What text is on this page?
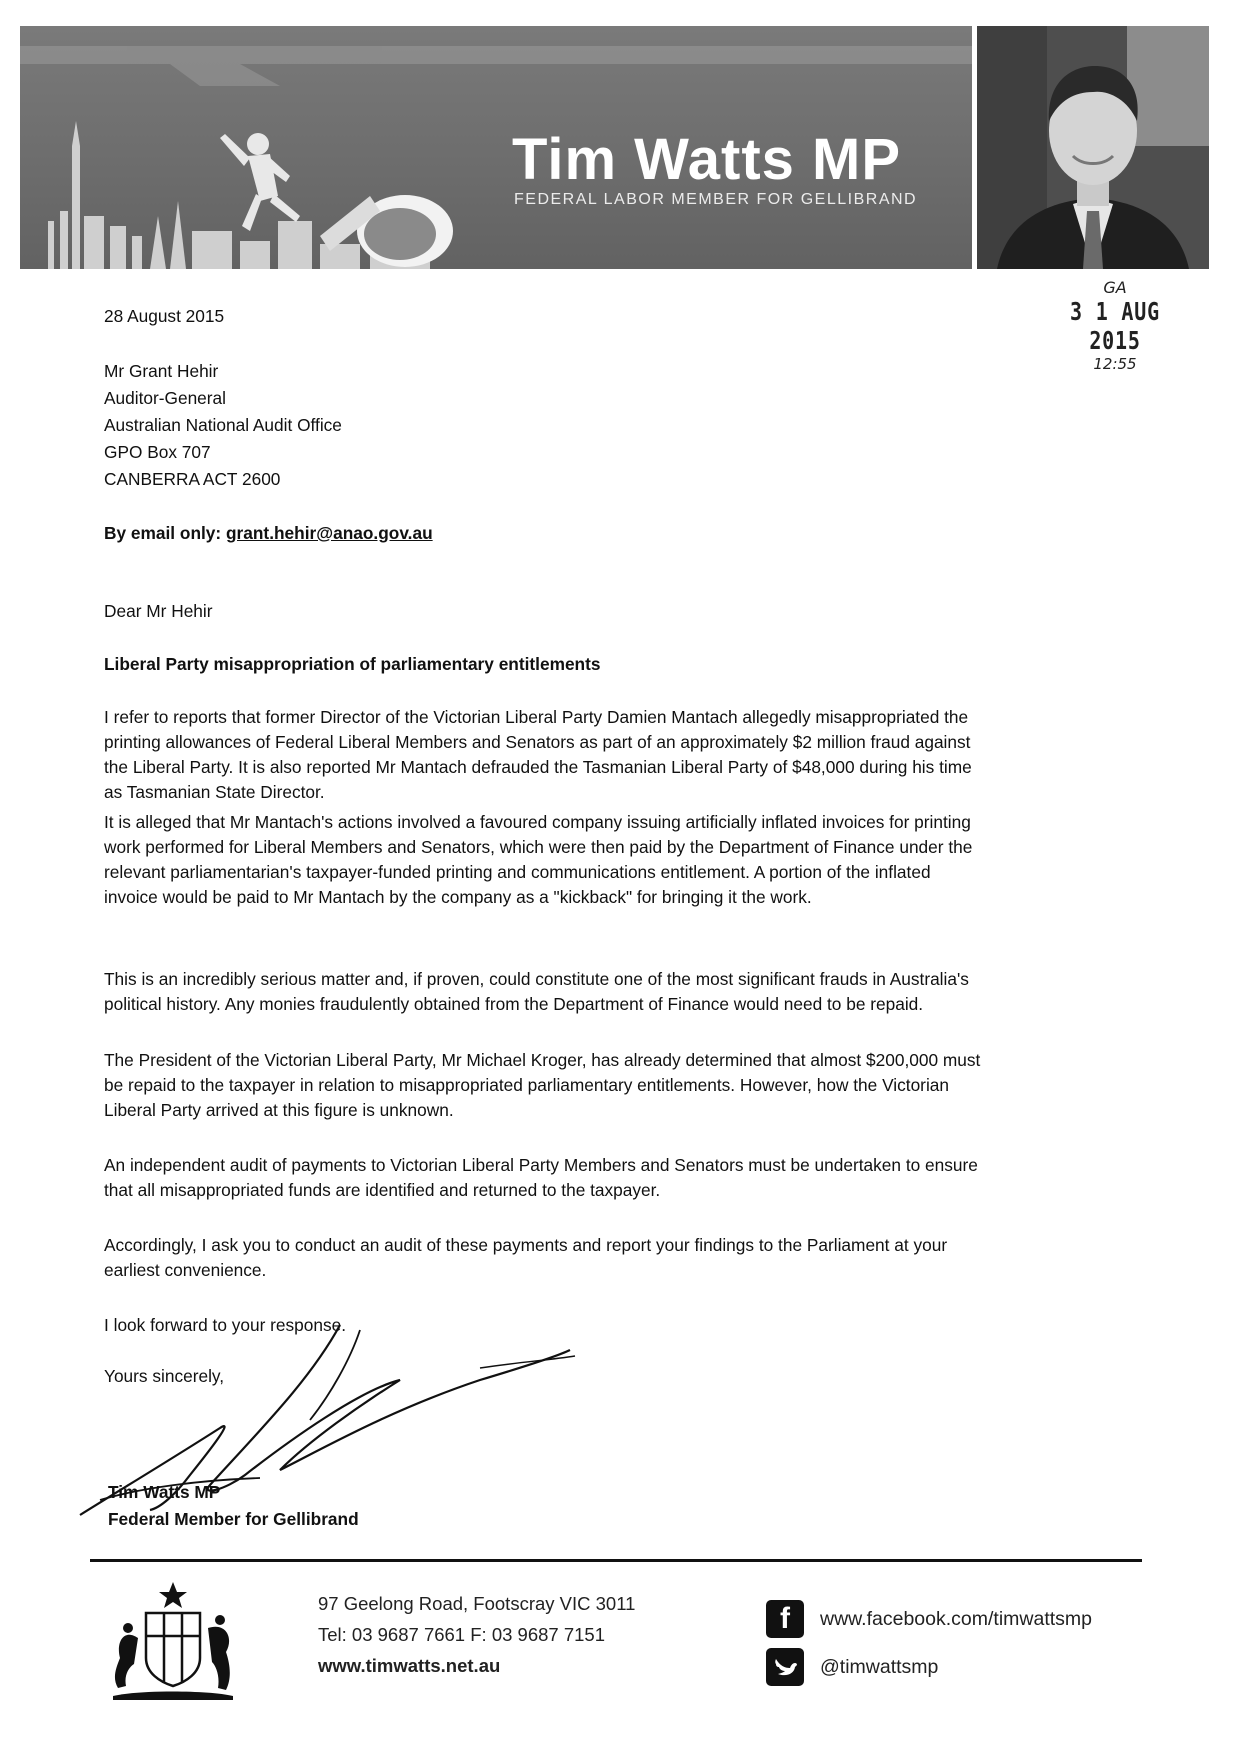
Tim Watts MP
FEDERAL LABOR MEMBER FOR GELLIBRAND
GA
3 1 AUG 2015
12:55
28 August 2015
Mr Grant Hehir
Auditor-General
Australian National Audit Office
GPO Box 707
CANBERRA ACT 2600
By email only: grant.hehir@anao.gov.au
Dear Mr Hehir
Liberal Party misappropriation of parliamentary entitlements

I refer to reports that former Director of the Victorian Liberal Party Damien Mantach allegedly misappropriated the

printing allowances of Federal Liberal Members and Senators as part of an approximately $2 million fraud against

the Liberal Party. It is also reported Mr Mantach defrauded the Tasmanian Liberal Party of $48,000 during his time

as Tasmanian State Director.

It is alleged that Mr Mantach's actions involved a favoured company issuing artificially inflated invoices for printing

work performed for Liberal Members and Senators, which were then paid by the Department of Finance under the

relevant parliamentarian's taxpayer-funded printing and communications entitlement. A portion of the inflated

invoice would be paid to Mr Mantach by the company as a "kickback" for bringing it the work.

This is an incredibly serious matter and, if proven, could constitute one of the most significant frauds in Australia's

political history. Any monies fraudulently obtained from the Department of Finance would need to be repaid.

The President of the Victorian Liberal Party, Mr Michael Kroger, has already determined that almost $200,000 must

be repaid to the taxpayer in relation to misappropriated parliamentary entitlements. However, how the Victorian

Liberal Party arrived at this figure is unknown.

An independent audit of payments to Victorian Liberal Party Members and Senators must be undertaken to ensure

that all misappropriated funds are identified and returned to the taxpayer.

Accordingly, I ask you to conduct an audit of these payments and report your findings to the Parliament at your

earliest convenience.

I look forward to your response.
Yours sincerely,
Tim Watts MP
Federal Member for Gellibrand
97 Geelong Road, Footscray VIC 3011
Tel: 03 9687 7661 F: 03 9687 7151
www.timwatts.net.au
f	www.facebook.com/timwattsmp
@timwattsmp
